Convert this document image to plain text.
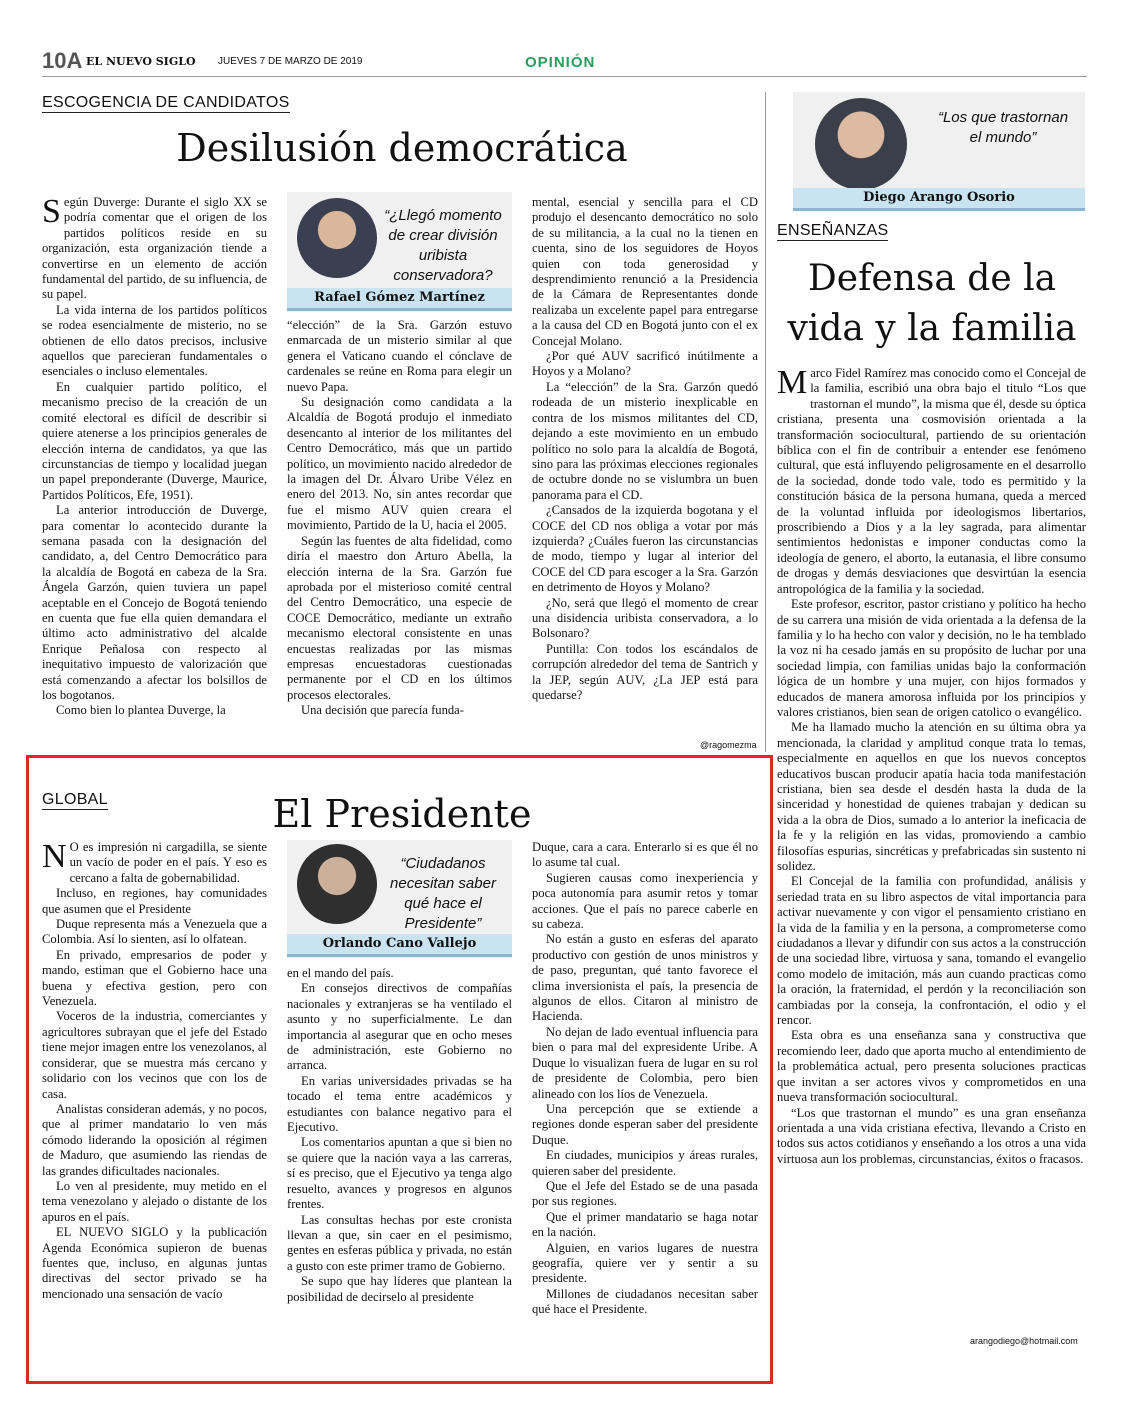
10A EL NUEVO SIGLO JUEVES 7 DE MARZO DE 2019	OPINIÓN
ESCOGENCIA DE CANDIDATOS
Desilusión democrática

Según Duverge: Durante el siglo XX se podría comentar que el origen de los partidos políticos reside en su organización, esta organización tiende a convertirse en un elemento de acción fundamental del partido, de su influencia, de su papel.

La vida interna de los partidos políticos se rodea esencialmente de misterio, no se obtienen de ello datos precisos, inclusive aquellos que parecieran fundamentales o esenciales o incluso elementales.

En cualquier partido político, el mecanismo preciso de la creación de un comité electoral es difícil de describir si quiere atenerse a los principios generales de elección interna de candidatos, ya que las circunstancias de tiempo y localidad juegan un papel preponderante (Duverge, Maurice, Partidos Políticos, Efe, 1951).

La anterior introducción de Duverge, para comentar lo acontecido durante la semana pasada con la designación del candidato, a, del Centro Democrático para la alcaldía de Bogotá en cabeza de la Sra. Ángela Garzón, quien tuviera un papel aceptable en el Concejo de Bogotá teniendo en cuenta que fue ella quien demandara el último acto administrativo del alcalde Enrique Peñalosa con respecto al inequitativo impuesto de valorización que está comenzando a afectar los bolsillos de los bogotanos.

Como bien lo plantea Duverge, la

“¿Llegó momento de crear división uribista conservadora?
Rafael Gómez Martínez

“elección” de la Sra. Garzón estuvo enmarcada de un misterio similar al que genera el Vaticano cuando el cónclave de cardenales se reúne en Roma para elegir un nuevo Papa.

Su designación como candidata a la Alcaldía de Bogotá produjo el inmediato desencanto al interior de los militantes del Centro Democrático, más que un partido político, un movimiento nacido alrededor de la imagen del Dr. Álvaro Uribe Vélez en enero del 2013. No, sin antes recordar que fue el mismo AUV quien creara el movimiento, Partido de la U, hacia el 2005.

Según las fuentes de alta fidelidad, como diría el maestro don Arturo Abella, la elección interna de la Sra. Garzón fue aprobada por el misterioso comité central del Centro Democrático, una especie de COCE Democrático, mediante un extraño mecanismo electoral consistente en unas encuestas realizadas por las mismas empresas encuestadoras cuestionadas permanente por el CD en los últimos procesos electorales.

Una decisión que parecía funda-

mental, esencial y sencilla para el CD produjo el desencanto democrático no solo de su militancia, a la cual no la tienen en cuenta, sino de los seguidores de Hoyos quien con toda generosidad y desprendimiento renunció a la Presidencia de la Cámara de Representantes donde realizaba un excelente papel para entregarse a la causa del CD en Bogotá junto con el ex Concejal Molano.

¿Por qué AUV sacrificó inútilmente a Hoyos y a Molano?

La “elección” de la Sra. Garzón quedó rodeada de un misterio inexplicable en contra de los mismos militantes del CD, dejando a este movimiento en un embudo político no solo para la alcaldía de Bogotá, sino para las próximas elecciones regionales de octubre donde no se vislumbra un buen panorama para el CD.

¿Cansados de la izquierda bogotana y el COCE del CD nos obliga a votar por más izquierda? ¿Cuáles fueron las circunstancias de modo, tiempo y lugar al interior del COCE del CD para escoger a la Sra. Garzón en detrimento de Hoyos y Molano?

¿No, será que llegó el momento de crear una disidencia uribista conservadora, a lo Bolsonaro?

Puntilla: Con todos los escándalos de corrupción alrededor del tema de Santrich y la JEP, según AUV, ¿La JEP está para quedarse?

@ragomezma
GLOBAL	El Presidente

N O es impresión ni cargadilla, se siente un vacío de poder en el país. Y eso es cercano a falta de gobernabilidad.

Incluso, en regiones, hay comunidades que asumen que el Presidente

Duque representa más a Venezuela que a Colombia. Así lo sienten, así lo olfatean.

En privado, empresarios de poder y mando, estiman que el Gobierno hace una buena y efectiva gestion, pero con Venezuela.

Voceros de la industria, comerciantes y agricultores subrayan que el jefe del Estado tiene mejor imagen entre los venezolanos, al considerar, que se muestra más cercano y solidario con los vecinos que con los de casa.

Analistas consideran además, y no pocos, que al primer mandatario lo ven más cómodo liderando la oposición al régimen de Maduro, que asumiendo las riendas de las grandes dificultades nacionales.

Lo ven al presidente, muy metido en el tema venezolano y alejado o distante de los apuros en el país.

EL NUEVO SIGLO y la publicación Agenda Económica supieron de buenas fuentes que, incluso, en algunas juntas directivas del sector privado se ha mencionado una sensación de vacío

“Ciudadanos necesitan saber qué hace el Presidente”
Orlando Cano Vallejo

en el mando del país.

En consejos directivos de compañías nacionales y extranjeras se ha ventilado el asunto y no superficialmente. Le dan importancia al asegurar que en ocho meses de administración, este Gobierno no arranca.

En varias universidades privadas se ha tocado el tema entre académicos y estudiantes con balance negativo para el Ejecutivo.

Los comentarios apuntan a que si bien no se quiere que la nación vaya a las carreras, sí es preciso, que el Ejecutivo ya tenga algo resuelto, avances y progresos en algunos frentes.

Las consultas hechas por este cronista llevan a que, sin caer en el pesimismo, gentes en esferas pública y privada, no están a gusto con este primer tramo de Gobierno.

Se supo que hay líderes que plantean la posibilidad de decirselo al presidente

Duque, cara a cara. Enterarlo si es que él no lo asume tal cual.

Sugieren causas como inexperiencia y poca autonomía para asumir retos y tomar acciones. Que el país no parece caberle en su cabeza.

No están a gusto en esferas del aparato productivo con gestión de unos ministros y de paso, preguntan, qué tanto favorece el clima inversionista el país, la presencia de algunos de ellos. Citaron al ministro de Hacienda.

No dejan de lado eventual influencia para bien o para mal del expresidente Uribe. A Duque lo visualizan fuera de lugar en su rol de presidente de Colombia, pero bien alineado con los líos de Venezuela.

Una percepción que se extiende a regiones donde esperan saber del presidente Duque.

En ciudades, municipios y áreas rurales, quieren saber del presidente.

Que el Jefe del Estado se de una pasada por sus regiones.

Que el primer mandatario se haga notar en la nación.

Alguien, en varios lugares de nuestra geografía, quiere ver y sentir a su presidente.

Millones de ciudadanos necesitan saber qué hace el Presidente.

“Los que trastornan el mundo”
Diego Arango Osorio
ENSEÑANZAS
Defensa de la
vida y la familia

Marco Fidel Ramírez mas conocido como el Concejal de la familia, escribió una obra bajo el titulo “Los que trastornan el mundo”, la misma que él, desde su óptica cristiana, presenta una cosmovisión orientada a la transformación sociocultural, partiendo de su orientación bíblica con el fin de contribuir a entender ese fenómeno cultural, que está influyendo peligrosamente en el desarrollo de la sociedad, donde todo vale, todo es permitido y la constitución básica de la persona humana, queda a merced de la voluntad influida por ideologismos libertarios, proscribiendo a Dios y a la ley sagrada, para alimentar sentimientos hedonistas e imponer conductas como la ideología de genero, el aborto, la eutanasia, el libre consumo de drogas y demás desviaciones que desvirtúan la esencia antropológica de la familia y la sociedad.

Este profesor, escritor, pastor cristiano y político ha hecho de su carrera una misión de vida orientada a la defensa de la familia y lo ha hecho con valor y decisión, no le ha temblado la voz ni ha cesado jamás en su propósito de luchar por una sociedad limpia, con familias unidas bajo la conformación lógica de un hombre y una mujer, con hijos formados y educados de manera amorosa influida por los principios y valores cristianos, bien sean de origen catolico o evangélico.

Me ha llamado mucho la atención en su última obra ya mencionada, la claridad y amplitud conque trata lo temas, especialmente en aquellos en que los nuevos conceptos educativos buscan producir apatía hacia toda manifestación cristiana, bien sea desde el desdén hasta la duda de la sinceridad y honestidad de quienes trabajan y dedican su vida a la obra de Dios, sumado a lo anterior la ineficacia de la fe y la religión en las vidas, promoviendo a cambio filosofías espurias, sincréticas y prefabricadas sin sustento ni solidez.

El Concejal de la familia con profundidad, análisis y seriedad trata en su libro aspectos de vital importancia para activar nuevamente y con vigor el pensamiento cristiano en la vida de la familia y en la persona, a comprometerse como ciudadanos a llevar y difundir con sus actos a la construcción de una sociedad libre, virtuosa y sana, tomando el evangelio como modelo de imitación, más aun cuando practicas como la oración, la fraternidad, el perdón y la reconciliación son cambiadas por la conseja, la confrontación, el odio y el rencor.

Esta obra es una enseñanza sana y constructiva que recomiendo leer, dado que aporta mucho al entendimiento de la problemática actual, pero presenta soluciones practicas que invitan a ser actores vivos y comprometidos en una nueva transformación sociocultural.

“Los que trastornan el mundo” es una gran enseñanza orientada a una vida cristiana efectiva, llevando a Cristo en todos sus actos cotidianos y enseñando a los otros a una vida virtuosa aun los problemas, circunstancias, éxitos o fracasos.

arangodiego@hotmail.com
